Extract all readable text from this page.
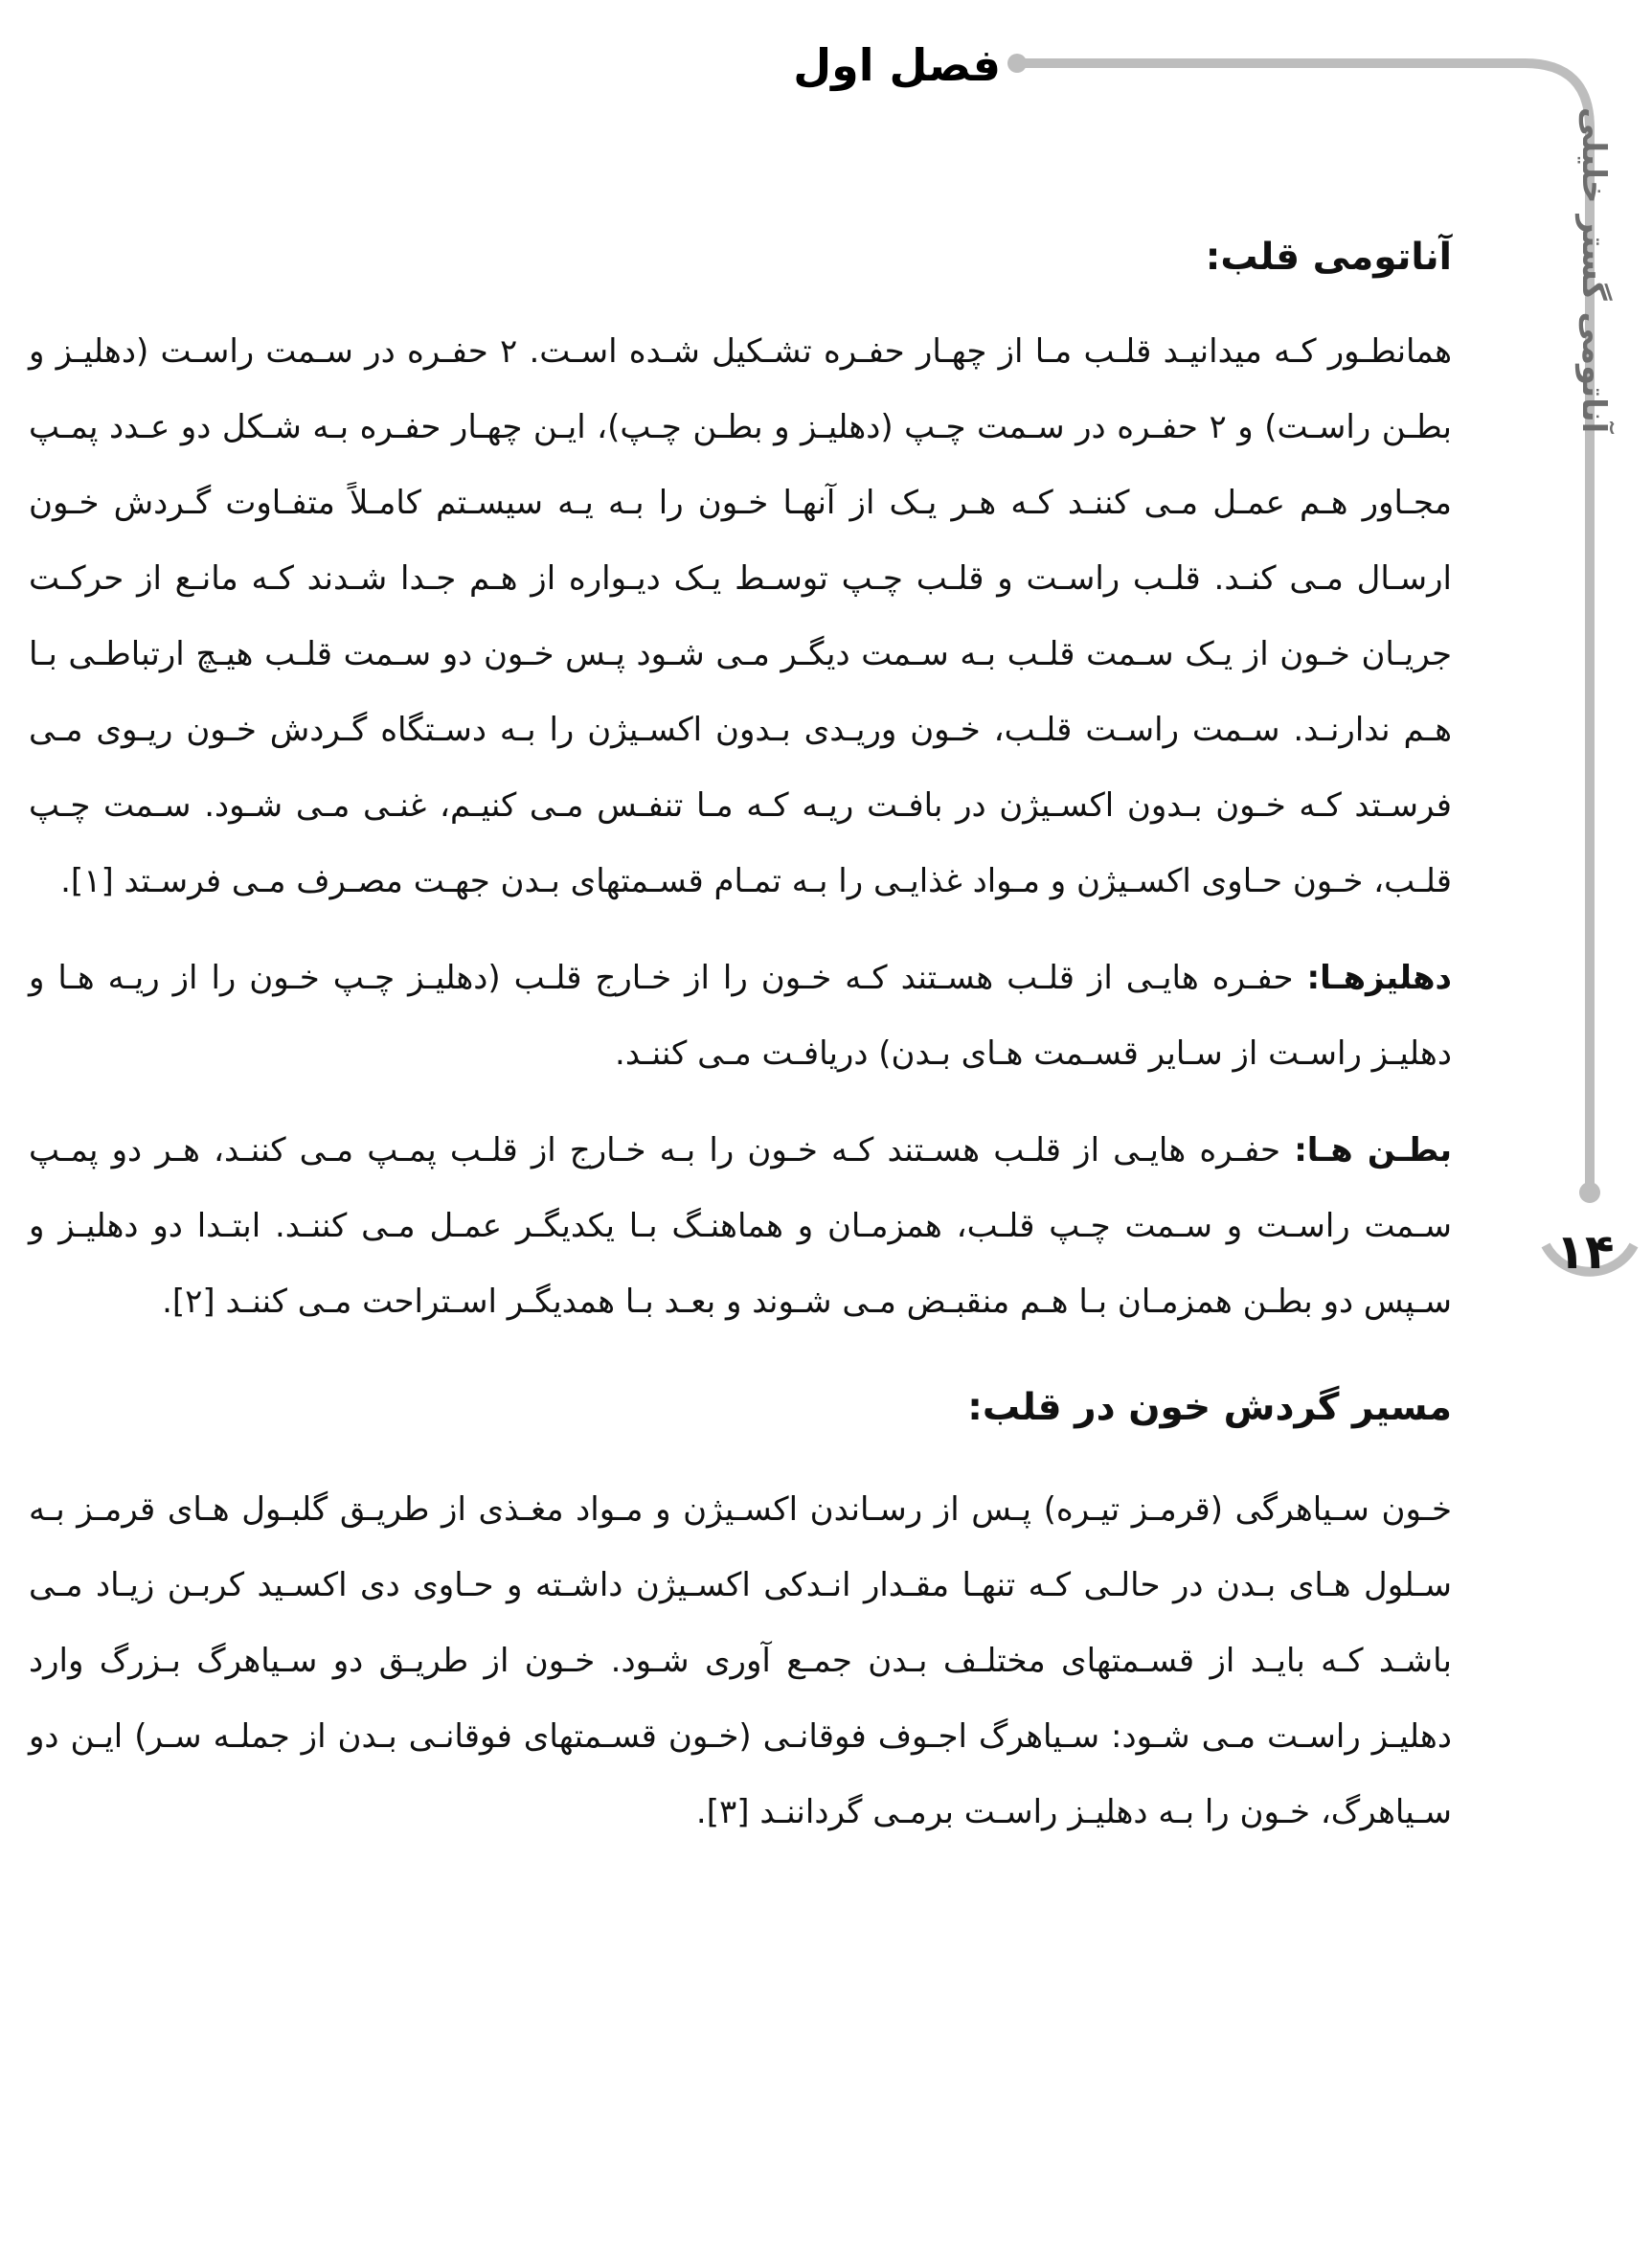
فصل اول
آناتومی گستر خلیلی
۱۴

آناتومی قلب:

همانطـور کـه میدانیـد قلـب مـا از چهـار حفـره تشـکیل شـده اسـت. ۲ حفـره در سـمت راسـت (دهلیـز و بطـن راسـت) و ۲ حفـره در سـمت چـپ (دهلیـز و بطـن چـپ)، ایـن چهـار حفـره بـه شـکل دو عـدد پمـپ مجـاور هـم عمـل مـی کننـد کـه هـر یـک از آنهـا خـون را بـه یـه سیسـتم کامـلاً متفـاوت گـردش خـون ارسـال مـی کنـد. قلـب راسـت و قلـب چـپ توسـط یـک دیـواره از هـم جـدا شـدند کـه مانـع از حرکـت جریـان خـون از یـک سـمت قلـب بـه سـمت دیگـر مـی شـود پـس خـون دو سـمت قلـب هیـچ ارتباطـی بـا هـم ندارنـد. سـمت راسـت قلـب، خـون وریـدی بـدون اکسـیژن را بـه دسـتگاه گـردش خـون ریـوی مـی فرسـتد کـه خـون بـدون اکسـیژن در بافـت ریـه کـه مـا تنفـس مـی کنیـم، غنـی مـی شـود. سـمت چـپ قلـب، خـون حـاوی اکسـیژن و مـواد غذایـی را بـه تمـام قسـمتهای بـدن جهـت مصـرف مـی فرسـتد [۱].

دهلیزهـا: حفـره هایـی از قلـب هسـتند کـه خـون را از خـارج قلـب (دهلیـز چـپ خـون را از ریـه هـا و دهلیـز راسـت از سـایر قسـمت هـای بـدن) دریافـت مـی کننـد.

بطـن هـا: حفـره هایـی از قلـب هسـتند کـه خـون را بـه خـارج از قلـب پمـپ مـی کننـد، هـر دو پمـپ سـمت راسـت و سـمت چـپ قلـب، همزمـان و هماهنـگ بـا یکدیگـر عمـل مـی کننـد. ابتـدا دو دهلیـز و سـپس دو بطـن همزمـان بـا هـم منقبـض مـی شـوند و بعـد بـا همدیگـر اسـتراحت مـی کننـد [۲].

مسیر گردش خون در قلب:

خـون سـیاهرگی (قرمـز تیـره) پـس از رسـاندن اکسـیژن و مـواد مغـذی از طریـق گلبـول هـای قرمـز بـه سـلول هـای بـدن در حالـی کـه تنهـا مقـدار انـدکی اکسـیژن داشـته و حـاوی دی اکسـید کربـن زیـاد مـی باشـد کـه بایـد از قسـمتهای مختلـف بـدن جمـع آوری شـود. خـون از طریـق دو سـیاهرگ بـزرگ وارد دهلیـز راسـت مـی شـود: سـیاهرگ اجـوف فوقانـی (خـون قسـمتهای فوقانـی بـدن از جملـه سـر) ایـن دو سـیاهرگ، خـون را بـه دهلیـز راسـت برمـی گرداننـد [۳].
